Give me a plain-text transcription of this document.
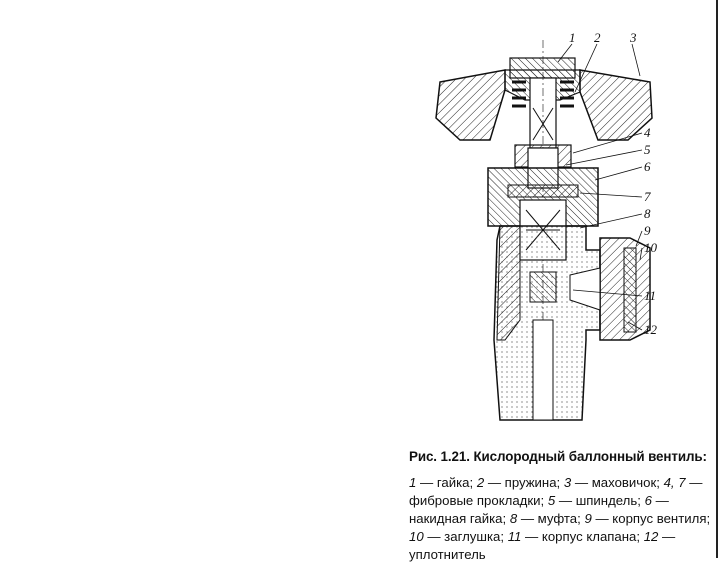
1 2 3
4
5
6
7
8
9
10
11
12

Рис. 1.21. Кислородный баллонный вентиль:

1 — гайка; 2 — пружина; 3 — маховичок; 4, 7 — фибровые прокладки; 5 — шпиндель; 6 — накидная гайка; 8 — муфта; 9 — корпус вентиля; 10 — заглушка; 11 — корпус клапана; 12 — уплотнитель
